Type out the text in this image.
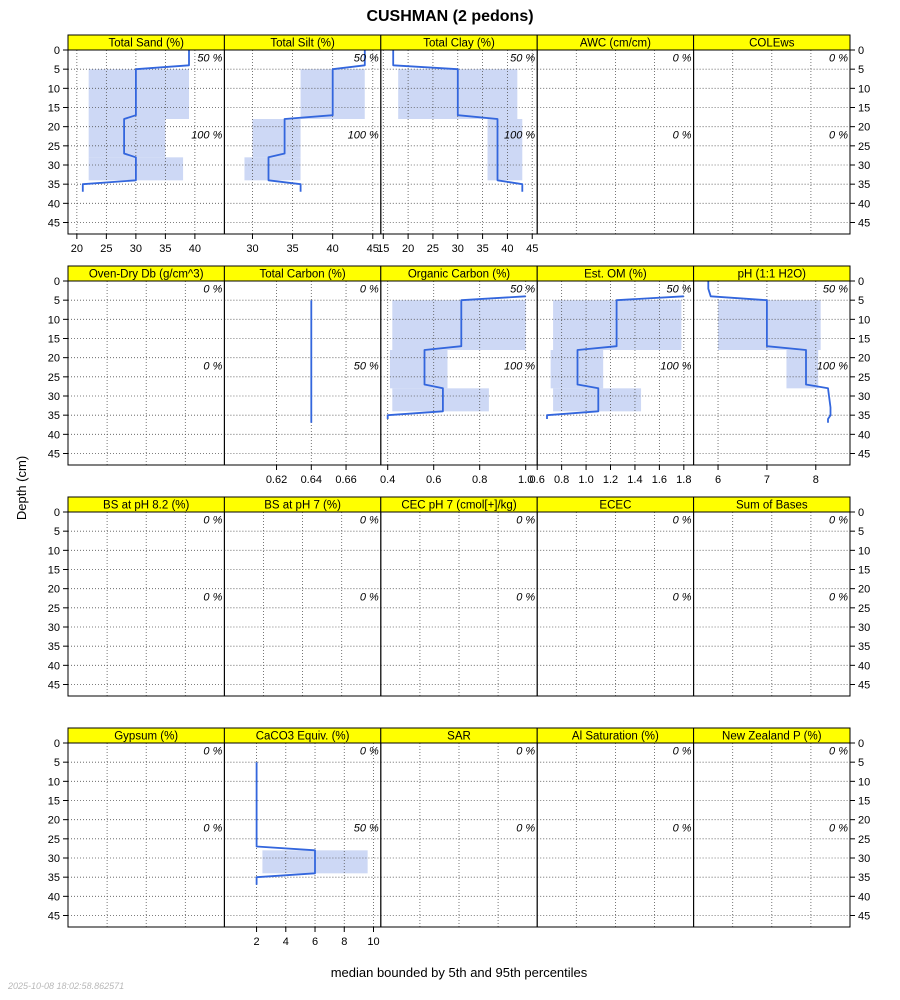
CUSHMAN (2 pedons)
Total Sand (%)
50 %
100 %
20 25 30 35 40
Total Silt (%)
50 %
100 %
30	35	40	45
Total Clay (%)
50 %
100 %
15 20 25 30 35 40 45
AWC (cm/cm)
0 %
0 %
COLEws
0 %
0 %
0	0
5	5
10	10
15	15
20	20
25	25
30	30
35	35
40	40
45	45
Oven-Dry Db (g/cm^3)
0 %
0 %
Total Carbon (%)
0 %
50 %
0.62 0.64 0.66
Organic Carbon (%)
50 %
100 %
0.4	0.6	0.8	1.0
Est. OM (%)
50 %
100 %
0.6 0.8 1.0 1.2 1.4 1.6 1.8
pH (1:1 H2O)
50 %
100 %
6	7	8
0	0
5	5
10	10
15	15
20	20
25	25
30	30
35	35
40	40
45	45
BS at pH 8.2 (%)
0 %
0 %
BS at pH 7 (%)
0 %
0 %
CEC pH 7 (cmol[+]/kg)
0 %
0 %
ECEC
0 %
0 %
Sum of Bases
0 %
0 %
0	0
5	5
10	10
15	15
20	20
25	25
30	30
35	35
40	40
45	45
Gypsum (%)
0 %
0 %
CaCO3 Equiv. (%)
0 %
50 %
2 4 6 8 10
SAR
0 %
0 %
Al Saturation (%)
0 %
0 %
New Zealand P (%)
0 %
0 %
0	0
5	5
10	10
15	15
20	20
25	25
30	30
35	35
40	40
45	45
Depth (cm)
median bounded by 5th and 95th percentiles
2025-10-08 18:02:58.862571
